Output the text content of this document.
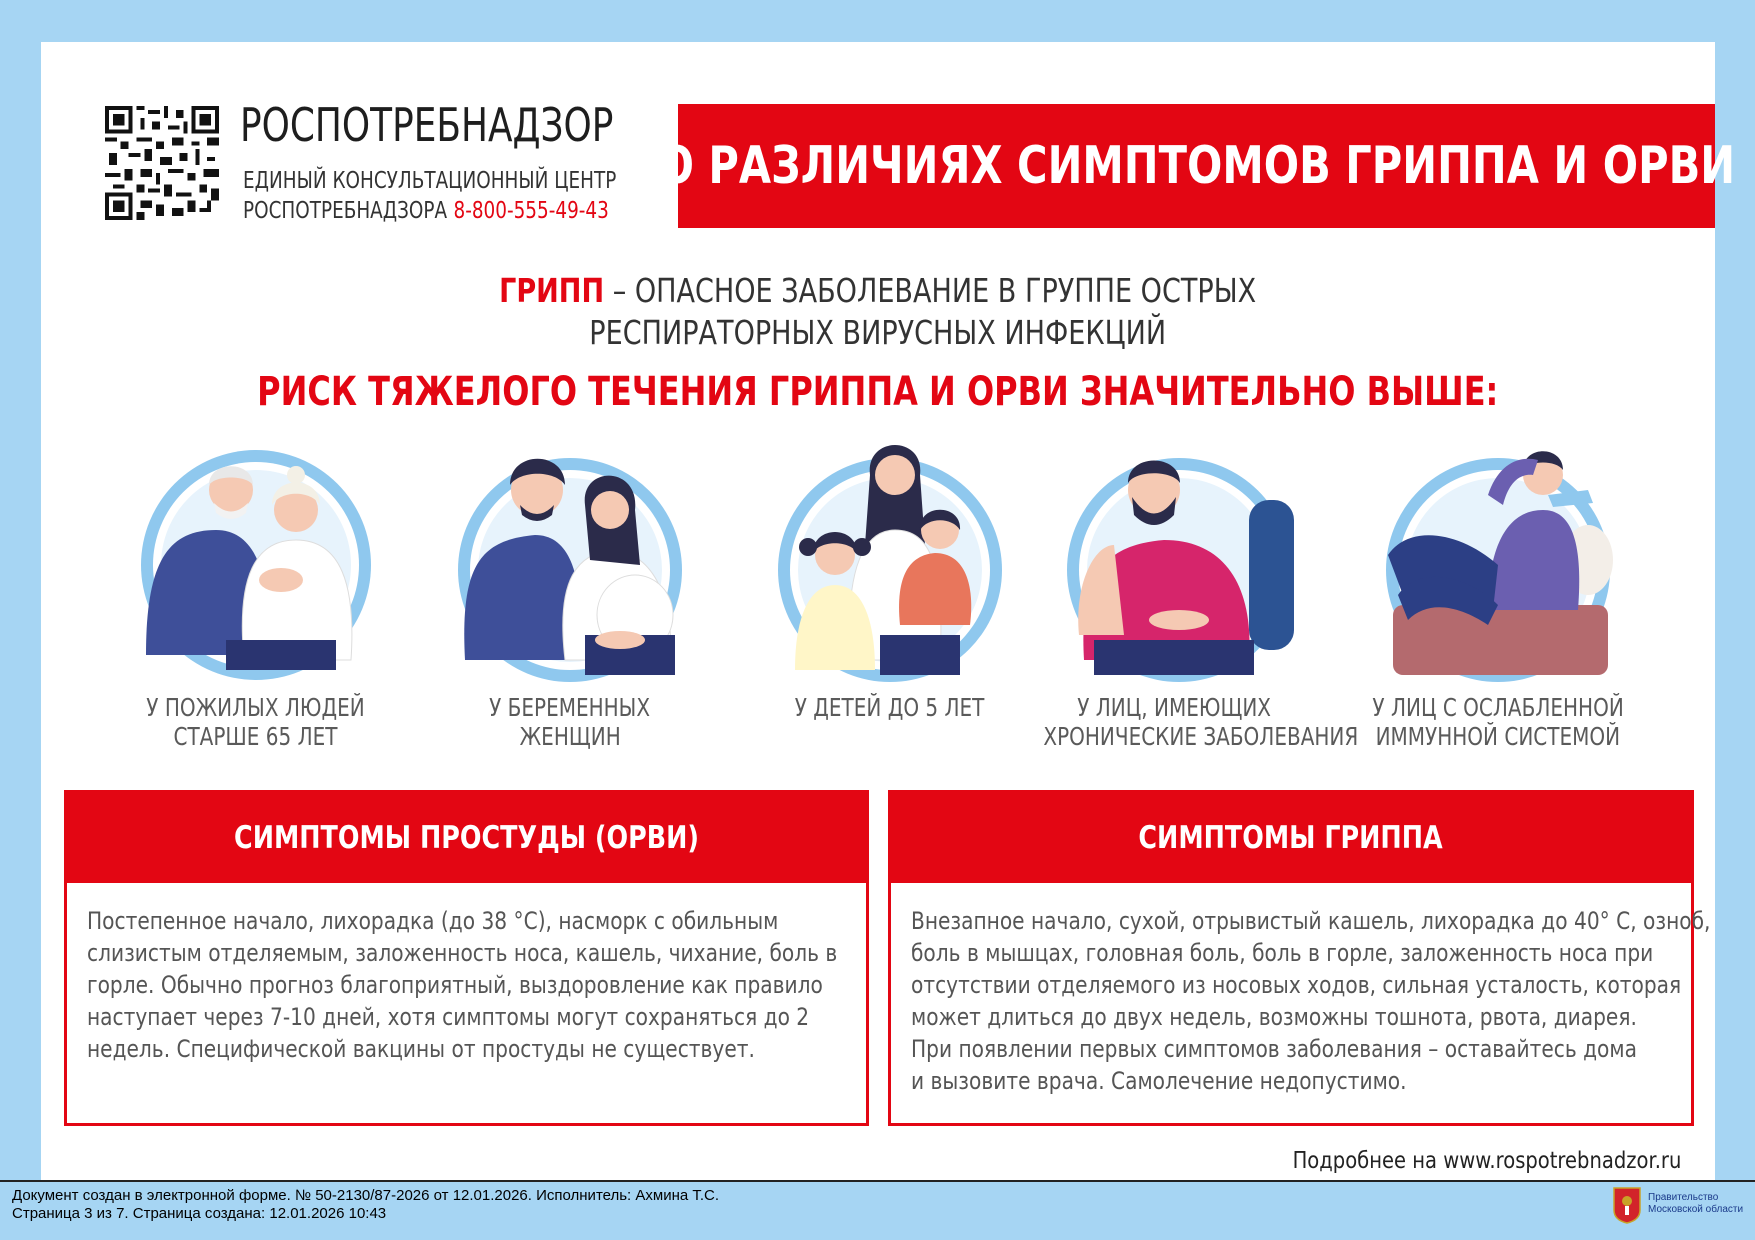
РОСПОТРЕБНАДЗОР
ЕДИНЫЙ КОНСУЛЬТАЦИОННЫЙ ЦЕНТР
РОСПОТРЕБНАДЗОРА 8-800-555-49-43
О РАЗЛИЧИЯХ СИМПТОМОВ ГРИППА И ОРВИ
ГРИПП – ОПАСНОЕ ЗАБОЛЕВАНИЕ В ГРУППЕ ОСТРЫХ
РЕСПИРАТОРНЫХ ВИРУСНЫХ ИНФЕКЦИЙ
РИСК ТЯЖЕЛОГО ТЕЧЕНИЯ ГРИППА И ОРВИ ЗНАЧИТЕЛЬНО ВЫШЕ:
У ПОЖИЛЫХ ЛЮДЕЙ
СТАРШЕ 65 ЛЕТ
У БЕРЕМЕННЫХ
ЖЕНЩИН
У ДЕТЕЙ ДО 5 ЛЕТ	У ЛИЦ, ИМЕЮЩИХ
ХРОНИЧЕСКИЕ ЗАБОЛЕВАНИЯ
У ЛИЦ С ОСЛАБЛЕННОЙ
ИММУННОЙ СИСТЕМОЙ
СИМПТОМЫ ПРОСТУДЫ (ОРВИ)

Постепенное начало, лихорадка (до 38 °С), насморк с обильным

слизистым отделяемым, заложенность носа, кашель, чихание, боль в

горле. Обычно прогноз благоприятный, выздоровление как правило

наступает через 7-10 дней, хотя симптомы могут сохраняться до 2

недель. Специфической вакцины от простуды не существует.

СИМПТОМЫ ГРИППА

Внезапное начало, сухой, отрывистый кашель, лихорадка до 40° С, озноб,

боль в мышцах, головная боль, боль в горле, заложенность носа при

отсутствии отделяемого из носовых ходов, сильная усталость, которая

может длиться до двух недель, возможны тошнота, рвота, диарея.

При появлении первых симптомов заболевания – оставайтесь дома

и вызовите врача. Самолечение недопустимо.

Подробнее на www.rospotrebnadzor.ru
Документ создан в электронной форме. № 50-2130/87-2026 от 12.01.2026. Исполнитель: Ахмина Т.С.
Страница 3 из 7. Страница создана: 12.01.2026 10:43
Правительство
Московской области
